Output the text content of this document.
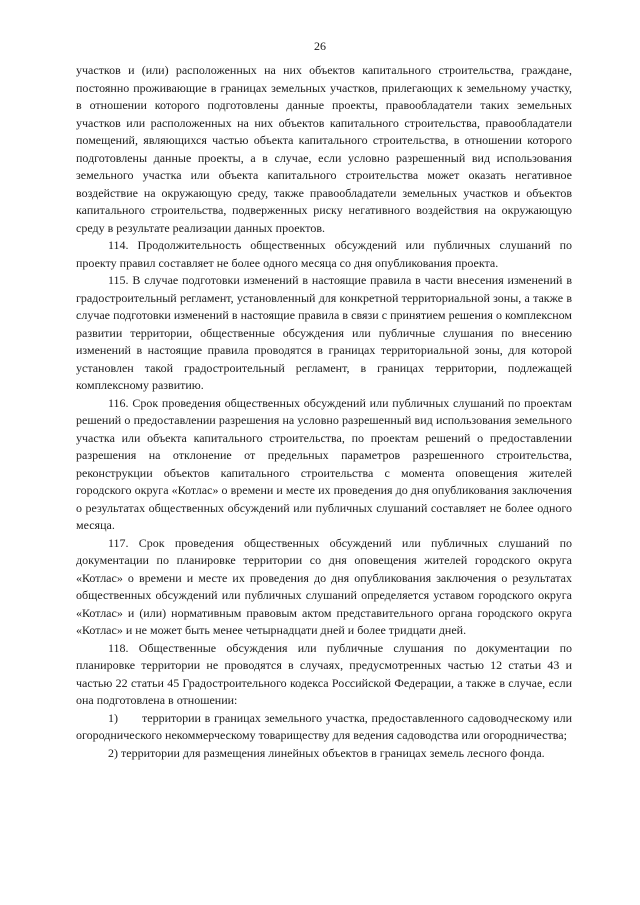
26

участков и (или) расположенных на них объектов капитального строительства, граждане, постоянно проживающие в границах земельных участков, прилегающих к земельному участку, в отношении которого подготовлены данные проекты, правообладатели таких земельных участков или расположенных на них объектов капитального строительства, правообладатели помещений, являющихся частью объекта капитального строительства, в отношении которого подготовлены данные проекты, а в случае, если условно разрешенный вид использования земельного участка или объекта капитального строительства может оказать негативное воздействие на окружающую среду, также правообладатели земельных участков и объектов капитального строительства, подверженных риску негативного воздействия на окружающую среду в результате реализации данных проектов.

114. Продолжительность общественных обсуждений или публичных слушаний по проекту правил составляет не более одного месяца со дня опубликования проекта.

115. В случае подготовки изменений в настоящие правила в части внесения изменений в градостроительный регламент, установленный для конкретной территориальной зоны, а также в случае подготовки изменений в настоящие правила в связи с принятием решения о комплексном развитии территории, общественные обсуждения или публичные слушания по внесению изменений в настоящие правила проводятся в границах территориальной зоны, для которой установлен такой градостроительный регламент, в границах территории, подлежащей комплексному развитию.

116. Срок проведения общественных обсуждений или публичных слушаний по проектам решений о предоставлении разрешения на условно разрешенный вид использования земельного участка или объекта капитального строительства, по проектам решений о предоставлении разрешения на отклонение от предельных параметров разрешенного строительства, реконструкции объектов капитального строительства с момента оповещения жителей городского округа «Котлас» о времени и месте их проведения до дня опубликования заключения о результатах общественных обсуждений или публичных слушаний составляет не более одного месяца.

117. Срок проведения общественных обсуждений или публичных слушаний по документации по планировке территории со дня оповещения жителей городского округа «Котлас» о времени и месте их проведения до дня опубликования заключения о результатах общественных обсуждений или публичных слушаний определяется уставом городского округа «Котлас» и (или) нормативным правовым актом представительного органа городского округа «Котлас» и не может быть менее четырнадцати дней и более тридцати дней.

118. Общественные обсуждения или публичные слушания по документации по планировке территории не проводятся в случаях, предусмотренных частью 12 статьи 43 и частью 22 статьи 45 Градостроительного кодекса Российской Федерации, а также в случае, если она подготовлена в отношении:

1) территории в границах земельного участка, предоставленного садоводческому или огороднического некоммерческому товариществу для ведения садоводства или огородничества;

2) территории для размещения линейных объектов в границах земель лесного фонда.
